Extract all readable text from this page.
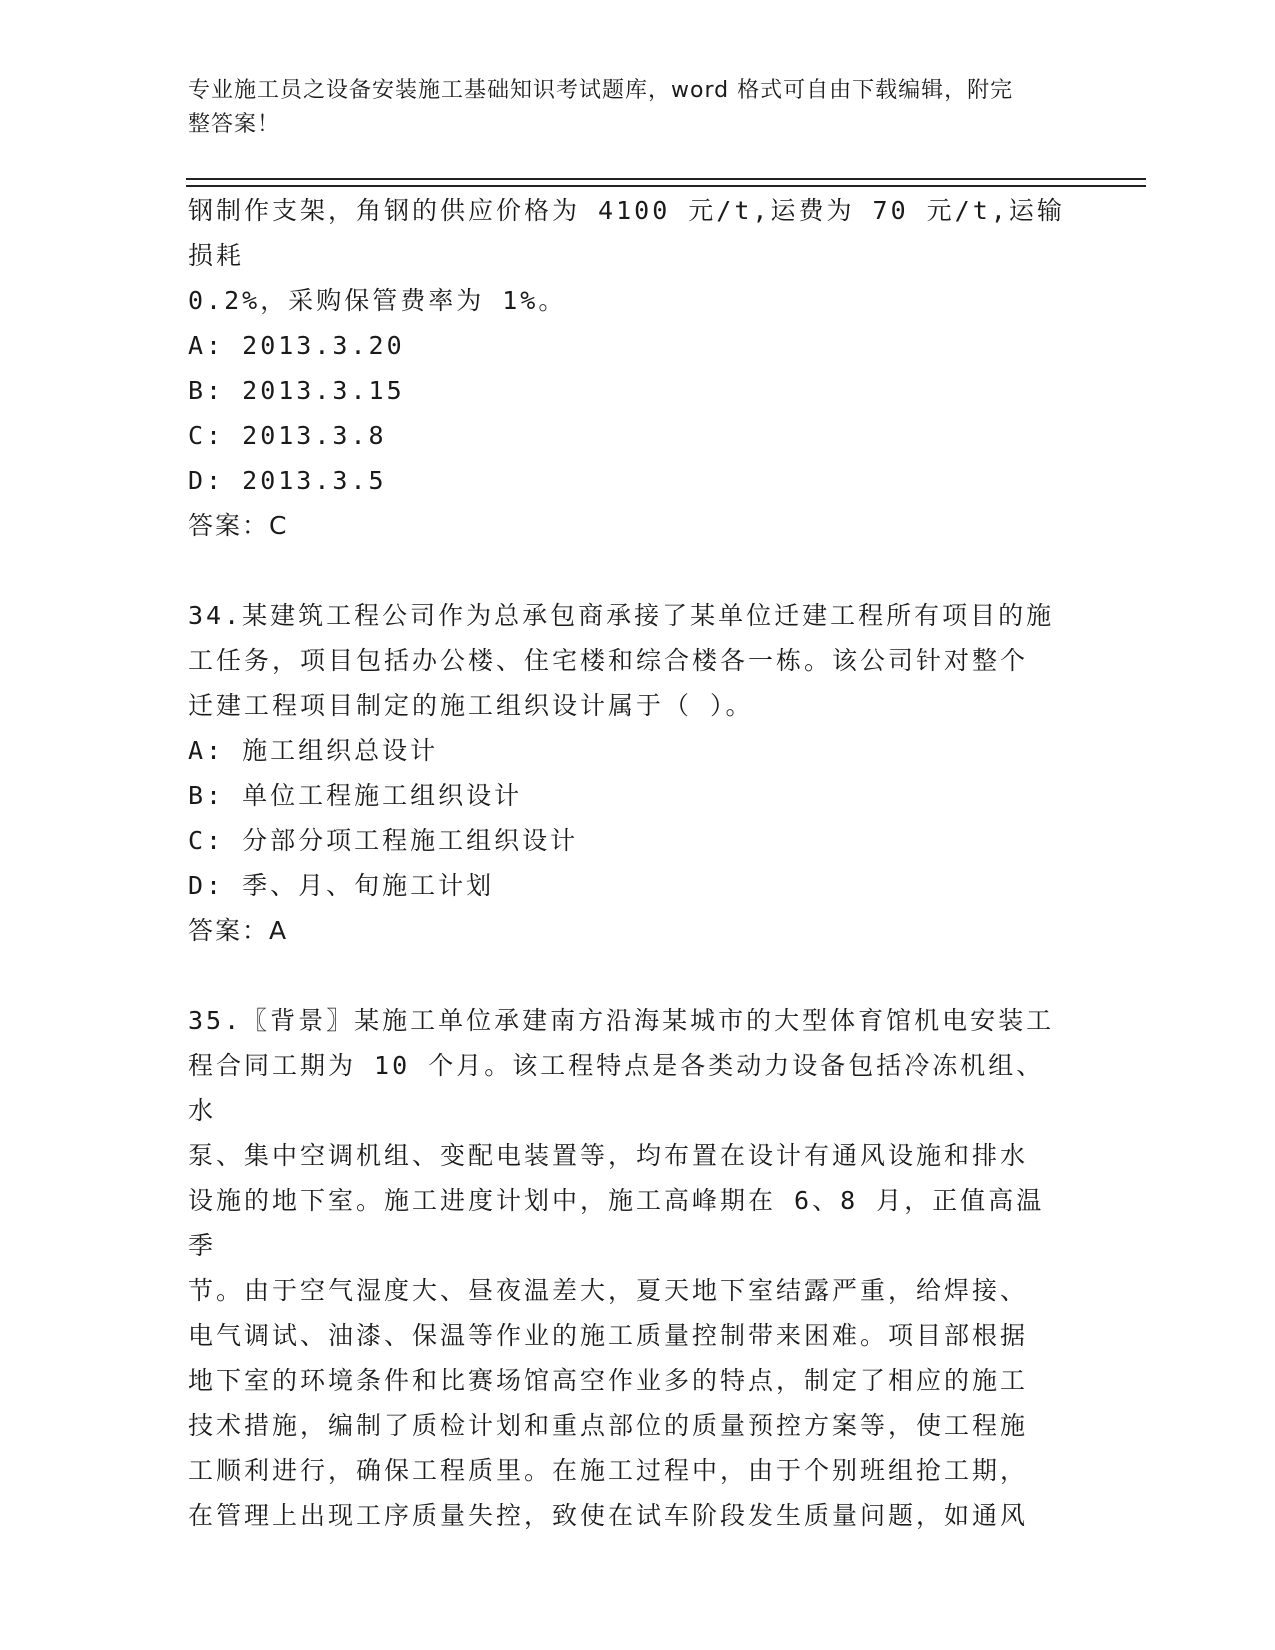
专业施工员之设备安装施工基础知识考试题库，word 格式可自由下载编辑，附完
整答案！

钢制作支架，角钢的供应价格为 4100 元/t,运费为 70 元/t,运输损耗

0.2%，采购保管费率为 1%。

A: 2013.3.20

B: 2013.3.15

C: 2013.3.8

D: 2013.3.5

答案：C

34.某建筑工程公司作为总承包商承接了某单位迁建工程所有项目的施

工任务，项目包括办公楼、住宅楼和综合楼各一栋。该公司针对整个

迁建工程项目制定的施工组织设计属于（ ）。

A: 施工组织总设计

B: 单位工程施工组织设计

C: 分部分项工程施工组织设计

D: 季、月、旬施工计划

答案：A

35.〖背景〗某施工单位承建南方沿海某城市的大型体育馆机电安装工

程合同工期为 10 个月。该工程特点是各类动力设备包括冷冻机组、水

泵、集中空调机组、变配电装置等，均布置在设计有通风设施和排水

设施的地下室。施工进度计划中，施工高峰期在 6、8 月，正值高温季

节。由于空气湿度大、昼夜温差大，夏天地下室结露严重，给焊接、

电气调试、油漆、保温等作业的施工质量控制带来困难。项目部根据

地下室的环境条件和比赛场馆高空作业多的特点，制定了相应的施工

技术措施，编制了质检计划和重点部位的质量预控方案等，使工程施

工顺利进行，确保工程质里。在施工过程中，由于个别班组抢工期，

在管理上出现工序质量失控，致使在试车阶段发生质量问题，如通风
